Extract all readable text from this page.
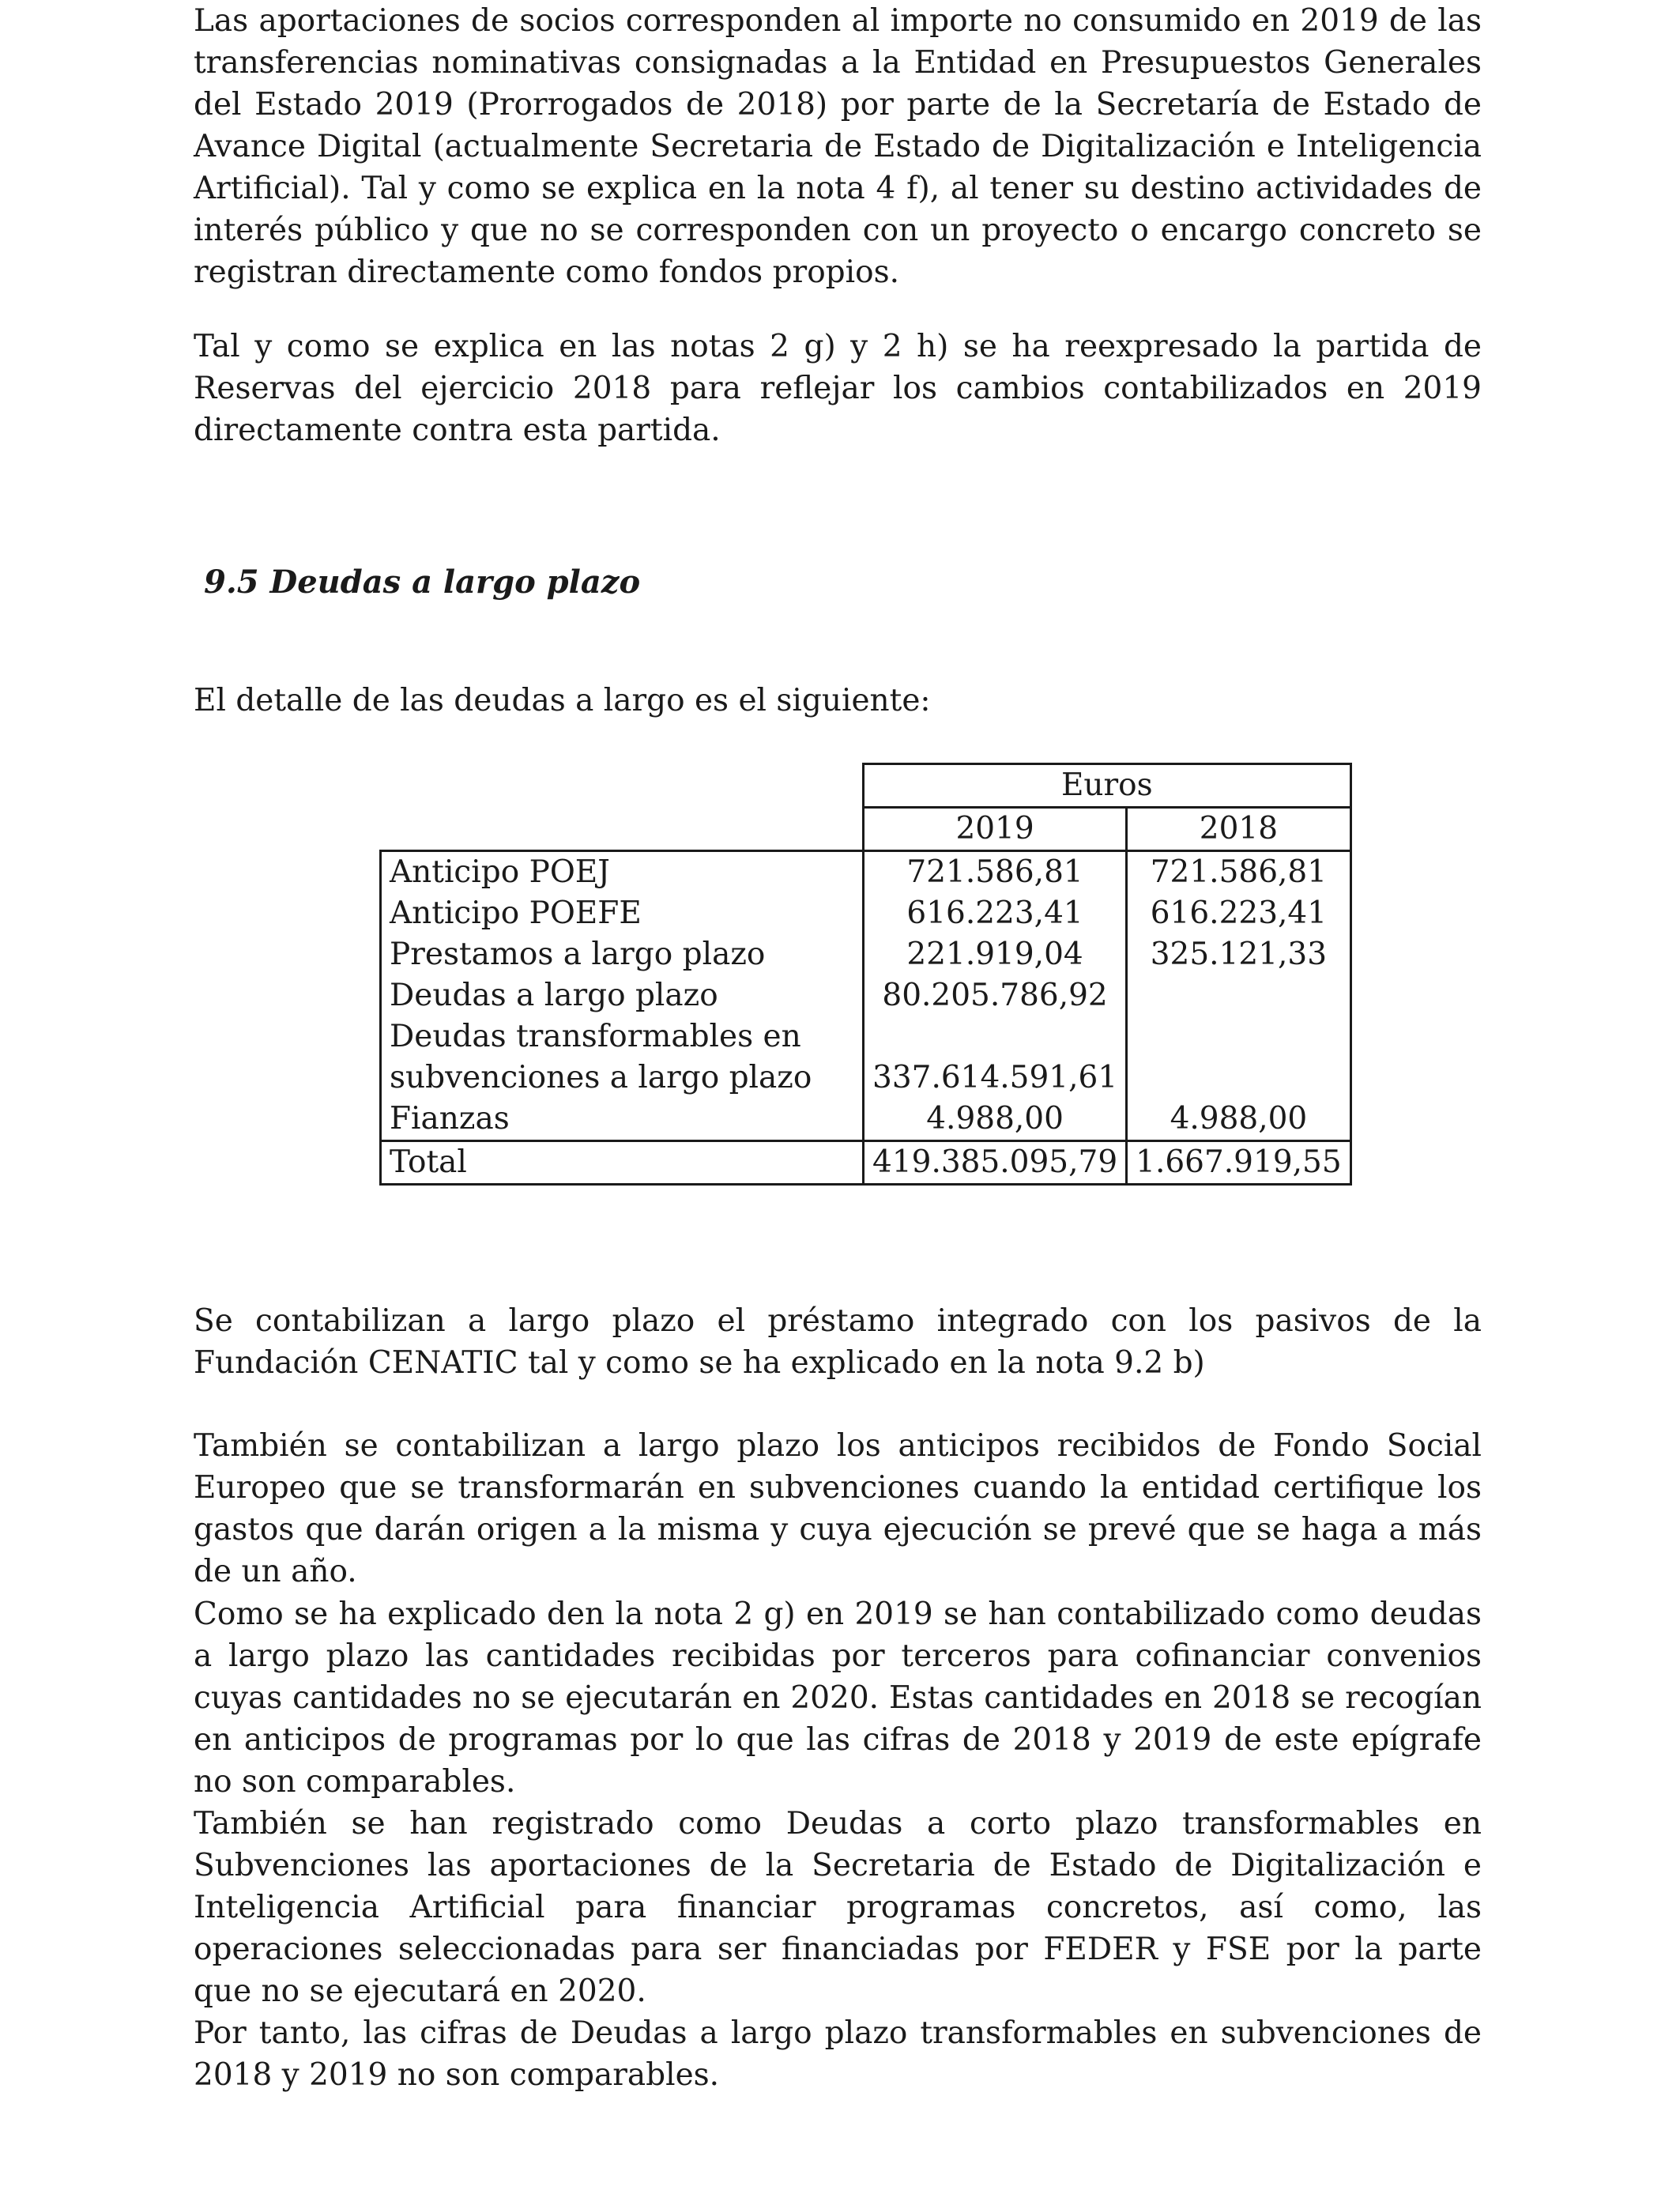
Las aportaciones de socios corresponden al importe no consumido en 2019 de las transferencias nominativas consignadas a la Entidad en Presupuestos Generales del Estado 2019 (Prorrogados de 2018) por parte de la Secretaría de Estado de Avance Digital (actualmente Secretaria de Estado de Digitalización e Inteligencia Artificial). Tal y como se explica en la nota 4 f), al tener su destino actividades de interés público y que no se corresponden con un proyecto o encargo concreto se registran directamente como fondos propios.

Tal y como se explica en las notas 2 g) y 2 h) se ha reexpresado la partida de Reservas del ejercicio 2018 para reflejar los cambios contabilizados en 2019 directamente contra esta partida.

9.5 Deudas a largo plazo

El detalle de las deudas a largo es el siguiente:

	Euros	
	2019	2018
Anticipo POEJ	721.586,81	721.586,81
Anticipo POEFE	616.223,41	616.223,41
Prestamos a largo plazo	221.919,04	325.121,33
Deudas a largo plazo	80.205.786,92	

Deudas transformables en
subvenciones a largo plazo	337.614.591,61	
Fianzas	4.988,00	4.988,00
Total	419.385.095,79	1.667.919,55

Se contabilizan a largo plazo el préstamo integrado con los pasivos de la Fundación CENATIC tal y como se ha explicado en la nota 9.2 b)

También se contabilizan a largo plazo los anticipos recibidos de Fondo Social Europeo que se transformarán en subvenciones cuando la entidad certifique los gastos que darán origen a la misma y cuya ejecución se prevé que se haga a más de un año.

Como se ha explicado den la nota 2 g) en 2019 se han contabilizado como deudas a largo plazo las cantidades recibidas por terceros para cofinanciar convenios cuyas cantidades no se ejecutarán en 2020. Estas cantidades en 2018 se recogían en anticipos de programas por lo que las cifras de 2018 y 2019 de este epígrafe no son comparables.

También se han registrado como Deudas a corto plazo transformables en Subvenciones las aportaciones de la Secretaria de Estado de Digitalización e Inteligencia Artificial para financiar programas concretos, así como, las operaciones seleccionadas para ser financiadas por FEDER y FSE por la parte que no se ejecutará en 2020.

Por tanto, las cifras de Deudas a largo plazo transformables en subvenciones de 2018 y 2019 no son comparables.
